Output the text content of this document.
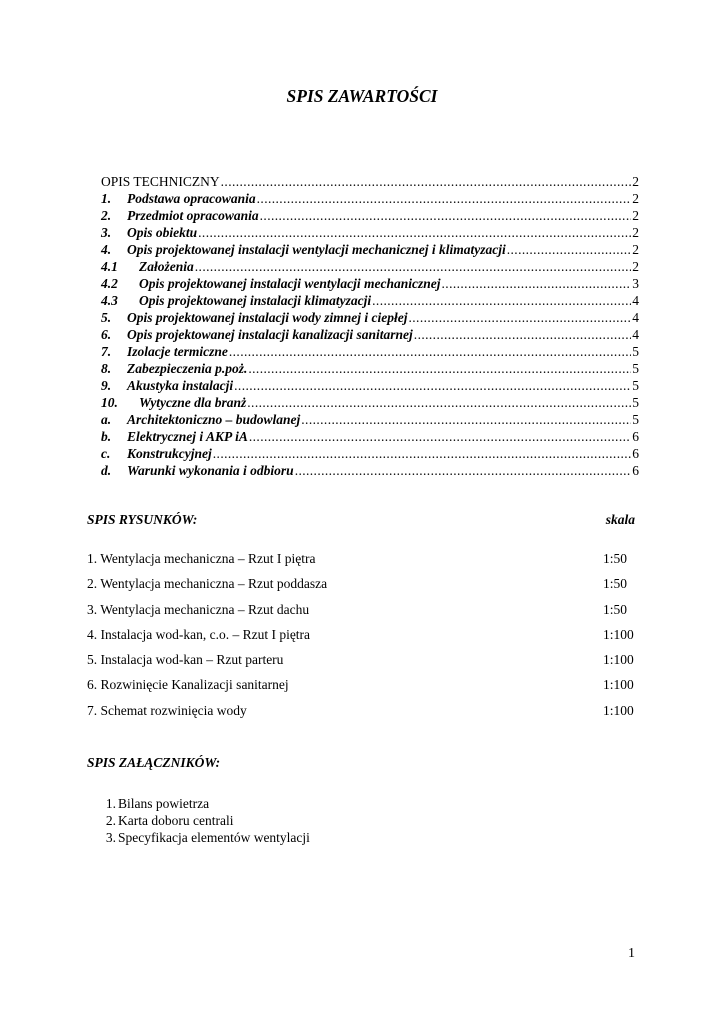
SPIS ZAWARTOŚCI
OPIS TECHNICZNY .....	2
1.	Podstawa opracowania .....	2
2.	Przedmiot opracowania .....	2
3.	Opis obiektu .....	2
4.	Opis projektowanej instalacji wentylacji mechanicznej i klimatyzacji .....	2
4.1	Założenia .....	2
4.2	Opis projektowanej instalacji wentylacji mechanicznej .....	3
4.3	Opis projektowanej instalacji klimatyzacji .....	4
5.	Opis projektowanej instalacji wody zimnej i ciepłej .....	4
6.	Opis projektowanej instalacji kanalizacji sanitarnej .....	4
7.	Izolacje termiczne .....	5
8.	Zabezpieczenia p.poż. .....	5
9.	Akustyka instalacji .....	5
10.	Wytyczne dla branż .....	5
a.	Architektoniczno – budowlanej .....	5
b.	Elektrycznej i AKP iA .....	6
c.	Konstrukcyjnej .....	6
d.	Warunki wykonania i odbioru .....	6
SPIS RYSUNKÓW:	skala
1. Wentylacja mechaniczna – Rzut I piętra	1:50
2. Wentylacja mechaniczna – Rzut poddasza	1:50
3. Wentylacja mechaniczna – Rzut dachu	1:50
4. Instalacja wod-kan, c.o. – Rzut I piętra	1:100
5. Instalacja wod-kan – Rzut parteru	1:100
6. Rozwinięcie Kanalizacji sanitarnej	1:100
7. Schemat rozwinięcia wody	1:100
SPIS ZAŁĄCZNIKÓW:
1. Bilans powietrza
2. Karta doboru centrali
3. Specyfikacja elementów wentylacji
1
